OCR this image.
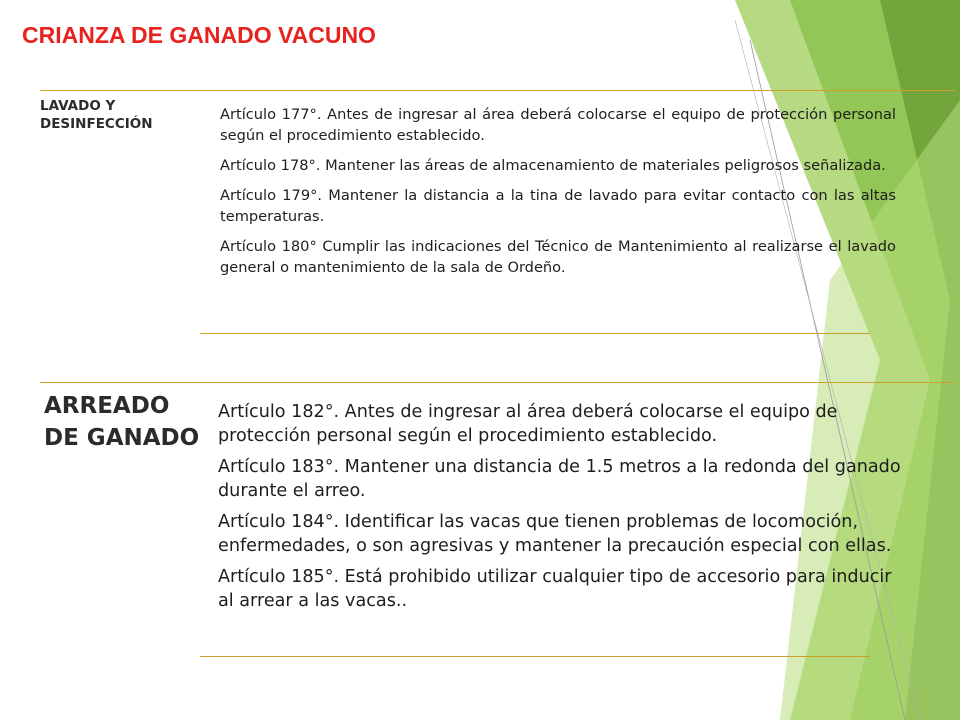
CRIANZA DE GANADO VACUNO
LAVADO Y DESINFECCIÓN

Artículo 177°. Antes de ingresar al área deberá colocarse el equipo de protección personal según el procedimiento establecido.

Artículo 178°. Mantener las áreas de almacenamiento de materiales peligrosos señalizada.

Artículo 179°. Mantener la distancia a la tina de lavado para evitar contacto con las altas temperaturas.

Artículo 180° Cumplir las indicaciones del Técnico de Mantenimiento al realizarse el lavado general o mantenimiento de la sala de Ordeño.

ARREADO DE GANADO

Artículo 182°. Antes de ingresar al área deberá colocarse el equipo de protección personal según el procedimiento establecido.

Artículo 183°. Mantener una distancia de 1.5 metros a la redonda del ganado durante el arreo.

Artículo 184°. Identificar las vacas que tienen problemas de locomoción, enfermedades, o son agresivas y mantener la precaución especial con ellas.

Artículo 185°. Está prohibido utilizar cualquier tipo de accesorio para inducir al arrear a las vacas..
